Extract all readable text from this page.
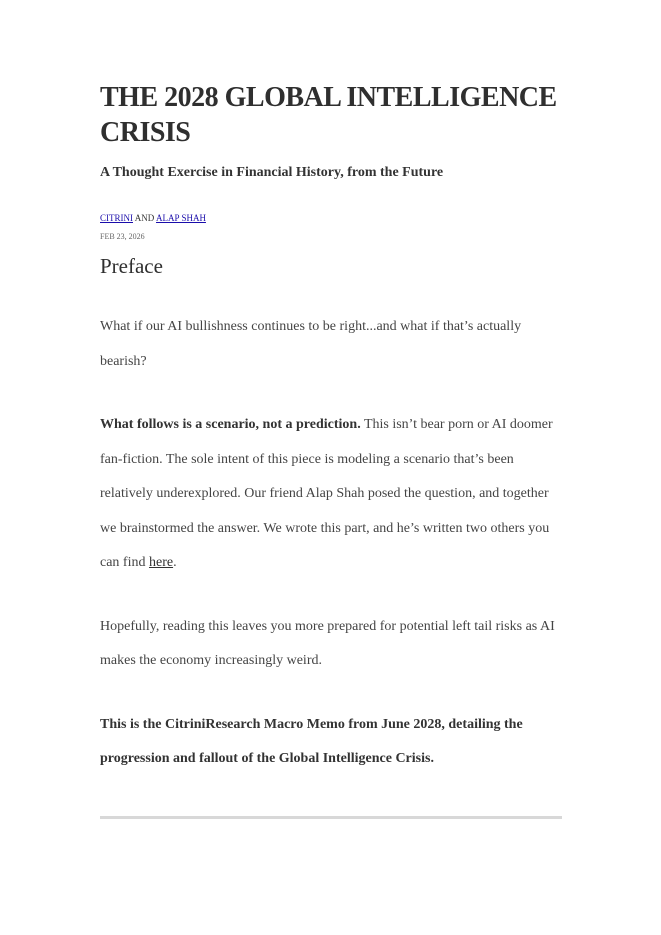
THE 2028 GLOBAL INTELLIGENCE CRISIS
A Thought Exercise in Financial History, from the Future
CITRINI AND ALAP SHAH
FEB 23, 2026
Preface

What if our AI bullishness continues to be right...and what if that’s actually bearish?

What follows is a scenario, not a prediction. This isn’t bear porn or AI doomer fan-fiction. The sole intent of this piece is modeling a scenario that’s been relatively underexplored. Our friend Alap Shah posed the question, and together we brainstormed the answer. We wrote this part, and he’s written two others you can find here.

Hopefully, reading this leaves you more prepared for potential left tail risks as AI makes the economy increasingly weird.

This is the CitriniResearch Macro Memo from June 2028, detailing the progression and fallout of the Global Intelligence Crisis.
